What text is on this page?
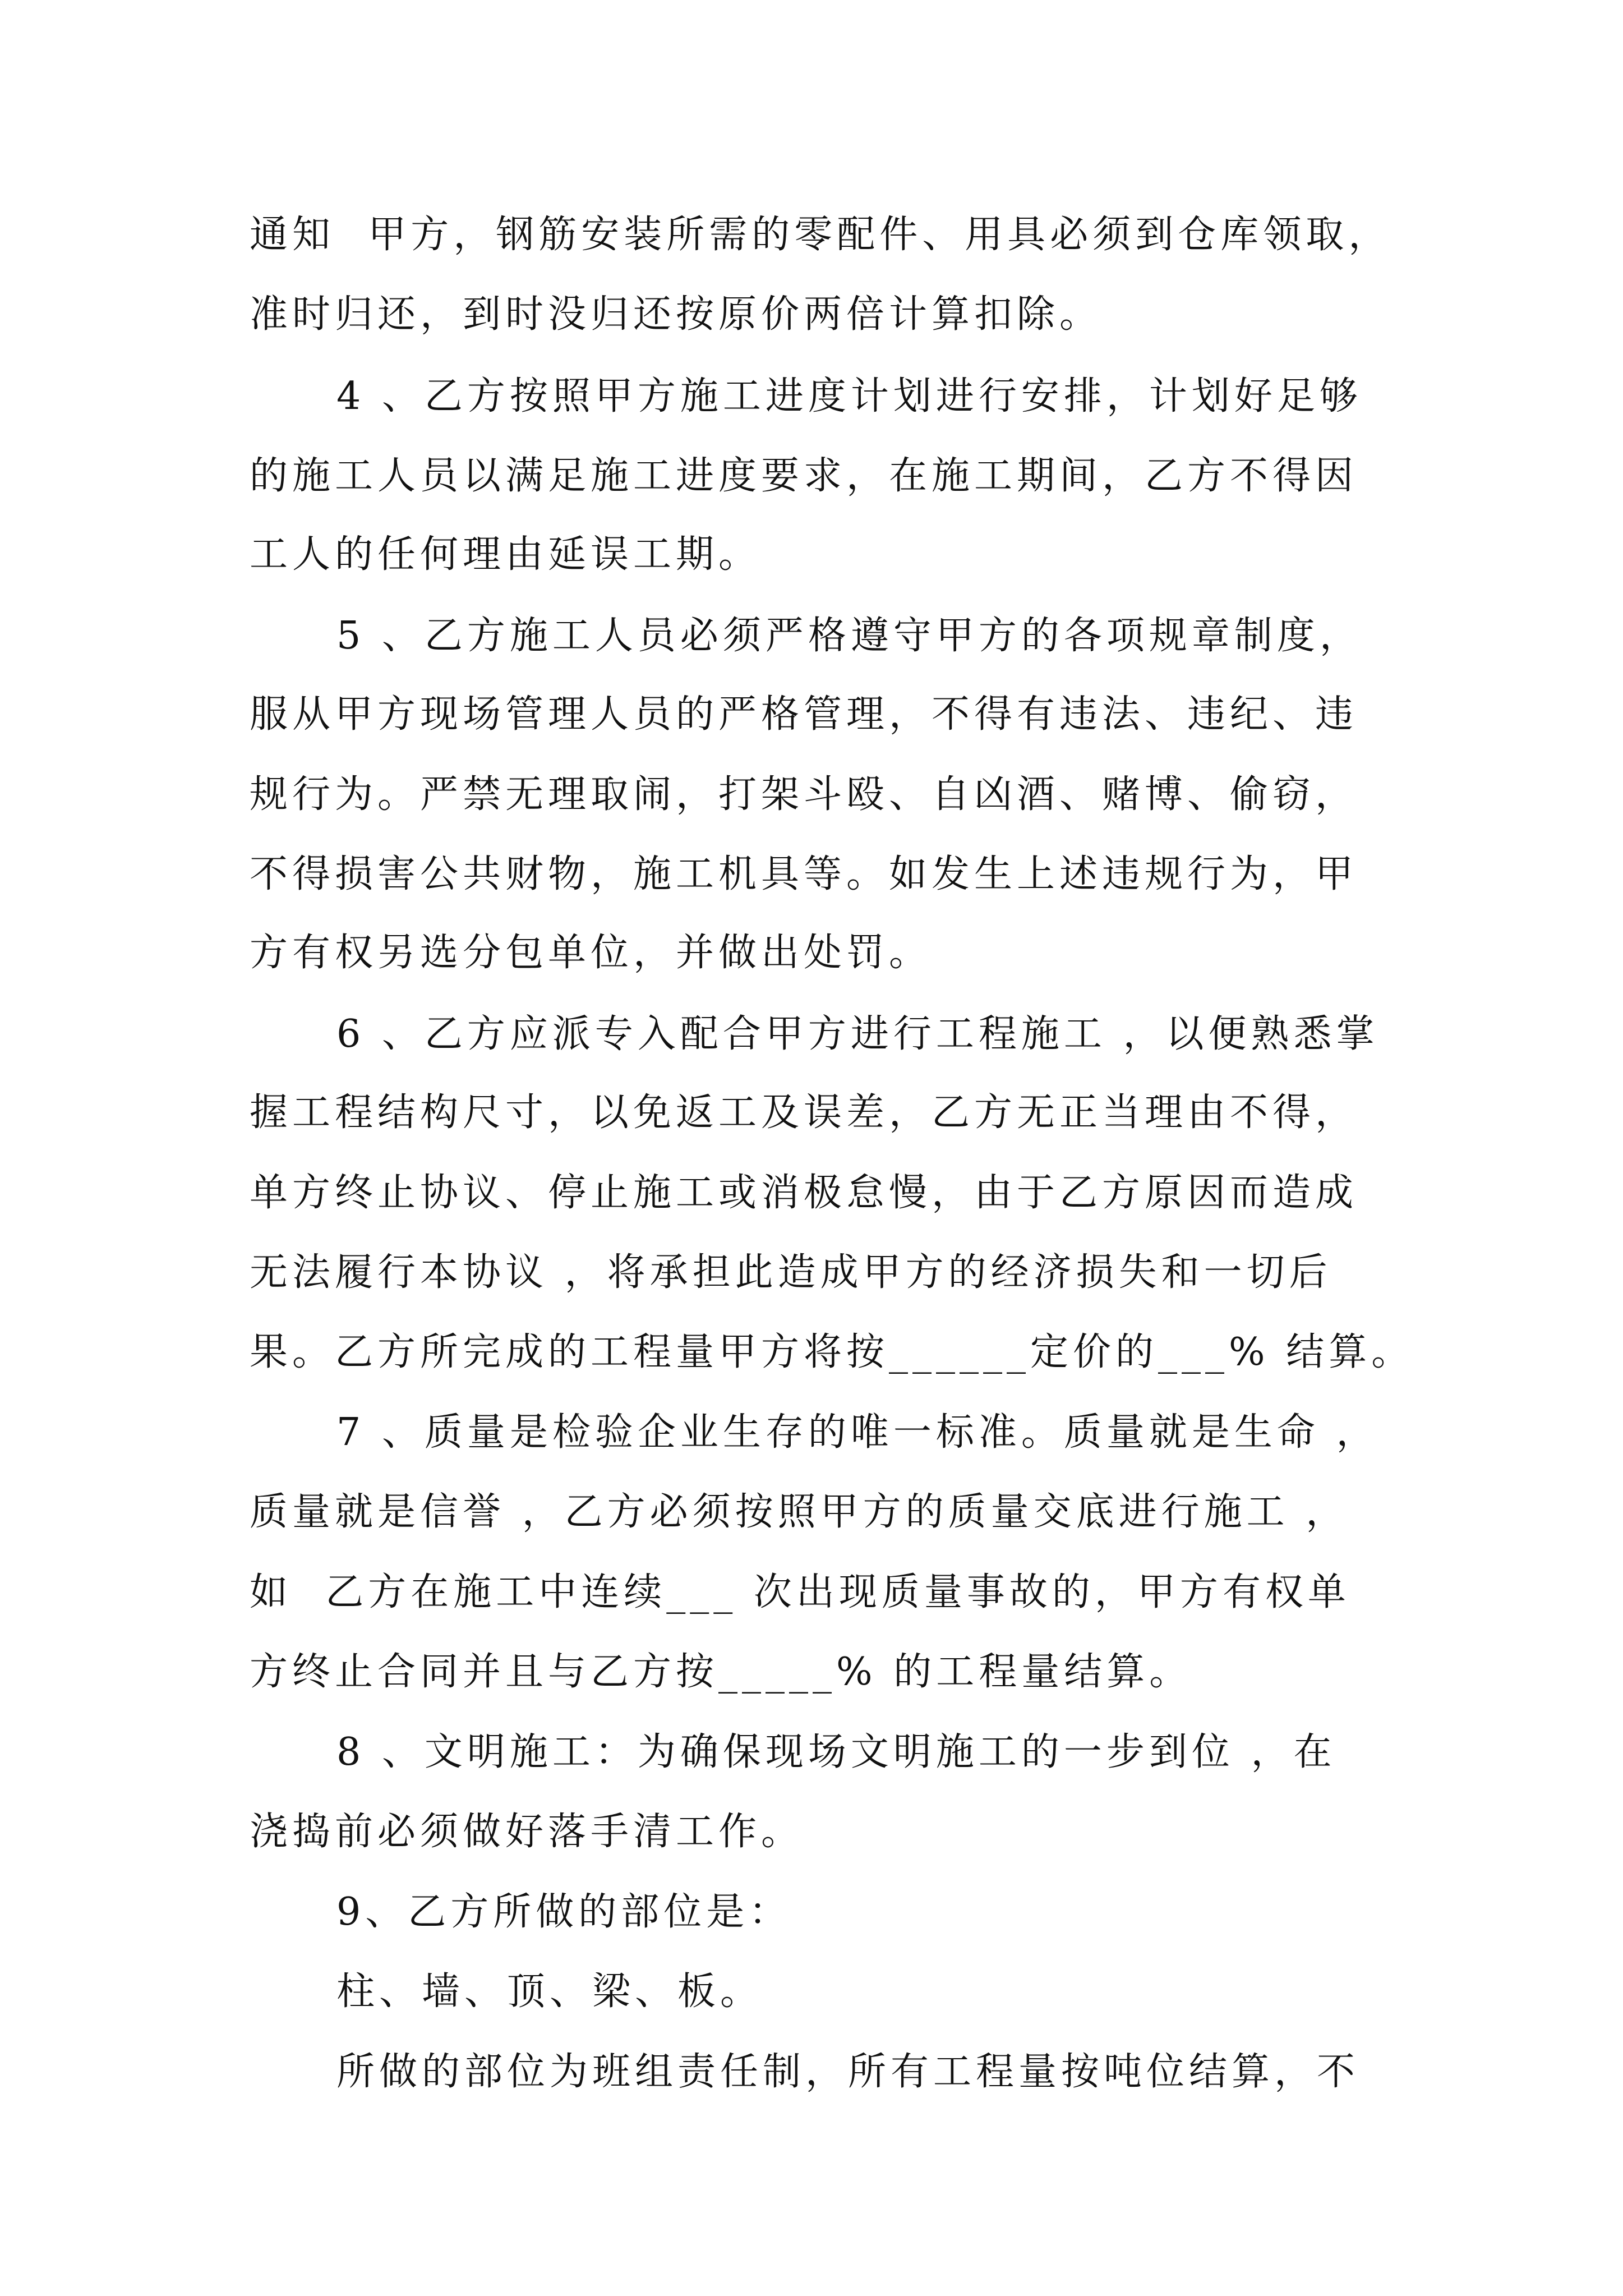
通知  甲方，钢筋安装所需的零配件、用具必须到仓库领取，
准时归还，到时没归还按原价两倍计算扣除。
4 、乙方按照甲方施工进度计划进行安排，计划好足够
的施工人员以满足施工进度要求，在施工期间，乙方不得因
工人的任何理由延误工期。
5 、乙方施工人员必须严格遵守甲方的各项规章制度，
服从甲方现场管理人员的严格管理，不得有违法、违纪、违
规行为。严禁无理取闹，打架斗殴、自凶酒、赌博、偷窃，
不得损害公共财物，施工机具等。如发生上述违规行为，甲
方有权另选分包单位，并做出处罚。
6 、乙方应派专入配合甲方进行工程施工 ，以便熟悉掌
握工程结构尺寸，以免返工及误差，乙方无正当理由不得，
单方终止协议、停止施工或消极怠慢，由于乙方原因而造成
无法履行本协议 ，将承担此造成甲方的经济损失和一切后
果。乙方所完成的工程量甲方将按______定价的___% 结算。
7 、质量是检验企业生存的唯一标准。质量就是生命 ，
质量就是信誉 ，乙方必须按照甲方的质量交底进行施工 ，
如  乙方在施工中连续___ 次出现质量事故的，甲方有权单
方终止合同并且与乙方按_____% 的工程量结算。
8 、文明施工：为确保现场文明施工的一步到位 ，在
浇捣前必须做好落手清工作。
9、乙方所做的部位是：
柱、墙、顶、梁、板。
所做的部位为班组责任制，所有工程量按吨位结算，不
